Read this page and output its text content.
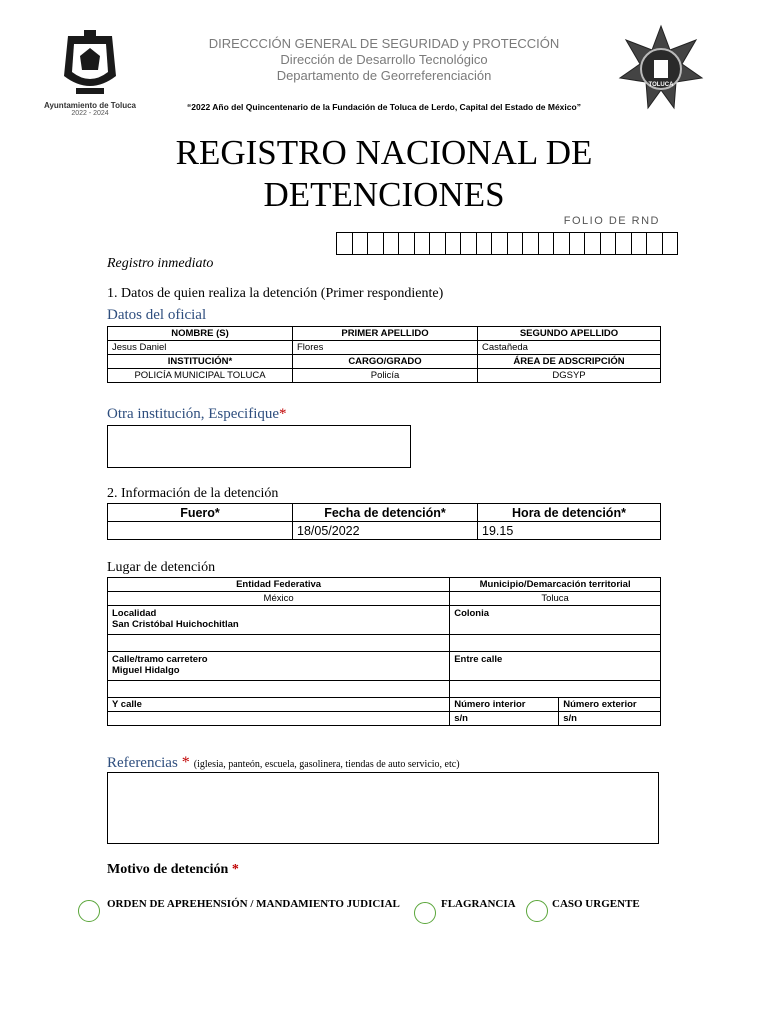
Ayuntamiento de Toluca
2022 - 2024
TOLUCA
DIRECCCIÓN GENERAL DE SEGURIDAD y PROTECCIÓN
Dirección de Desarrollo Tecnológico
Departamento de Georreferenciación
“2022 Año del Quincentenario de la Fundación de Toluca de Lerdo, Capital del Estado de México”
REGISTRO NACIONAL DE
DETENCIONES
FOLIO DE RND
Registro inmediato
1. Datos de quien realiza la detención (Primer respondiente)
Datos del oficial
NOMBRE (S)	PRIMER APELLIDO	SEGUNDO APELLIDO
Jesus Daniel	Flores	Castañeda
INSTITUCIÓN*	CARGO/GRADO	ÁREA DE ADSCRIPCIÓN
POLICÍA MUNICIPAL TOLUCA	Policía	DGSYP
Otra institución, Especifique*
2. Información de la detención
Fuero*	Fecha de detención*	Hora de detención*
	18/05/2022	19.15
Lugar de detención
Entidad Federativa	Municipio/Demarcación territorial	
México	Toluca	

Localidad
San Cristóbal Huichochitlan	Colonia	

Calle/tramo carretero
Miguel Hidalgo	Entre calle	

Y calle	Número interior	Número exterior
	s/n	s/n
Referencias * (iglesia, panteón, escuela, gasolinera, tiendas de auto servicio, etc)
Motivo de detención *
ORDEN DE APREHENSIÓN / MANDAMIENTO JUDICIAL	FLAGRANCIA	CASO URGENTE
